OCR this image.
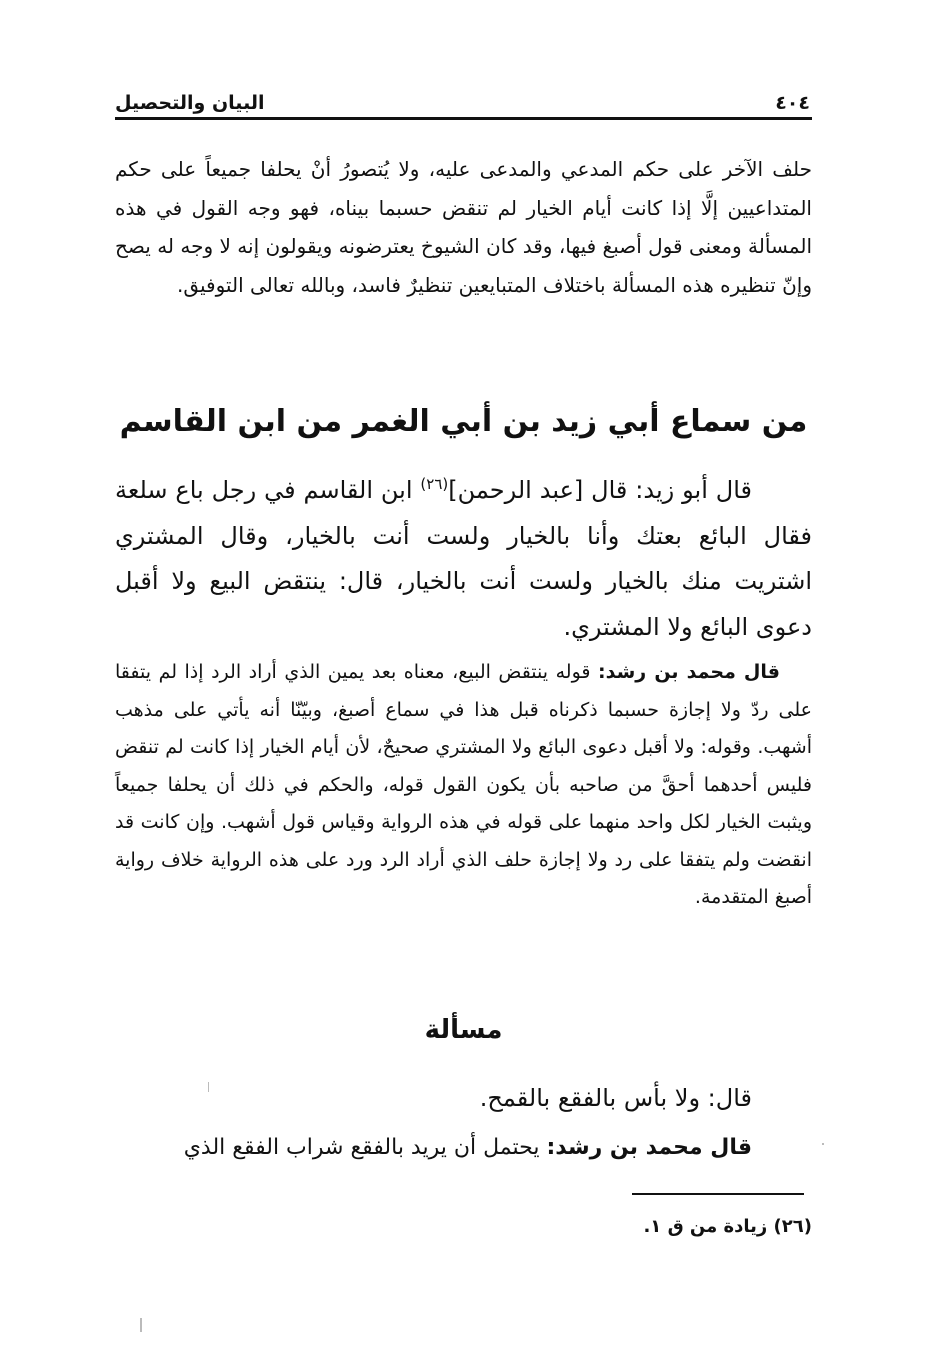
٤٠٤
البيان والتحصيل

حلف الآخر على حكم المدعي والمدعى عليه، ولا يُتصورُ أنْ يحلفا جميعاً على حكم المتداعيين إلَّا إذا كانت أيام الخيار لم تنقض حسبما بيناه، فهو وجه القول في هذه المسألة ومعنى قول أصبغ فيها، وقد كان الشيوخ يعترضونه ويقولون إنه لا وجه له يصح وإنّ تنظيره هذه المسألة باختلاف المتبايعين تنظيرٌ فاسد، وبالله تعالى التوفيق.

من سماع أبي زيد بن أبي الغمر من ابن القاسم

قال أبو زيد: قال [عبد الرحمن]$^{(٢٦)}$ ابن القاسم في رجل باع سلعة فقال البائع بعتك وأنا بالخيار ولست أنت بالخيار، وقال المشتري اشتريت منك بالخيار ولست أنت بالخيار، قال: ينتقض البيع ولا أقبل دعوى البائع ولا المشتري.

قال محمد بن رشد: قوله ينتقض البيع، معناه بعد يمين الذي أراد الرد إذا لم يتفقا على ردّ ولا إجازة حسبما ذكرناه قبل هذا في سماع أصبغ، وبيّنّا أنه يأتي على مذهب أشهب. وقوله: ولا أقبل دعوى البائع ولا المشتري صحيحٌ، لأن أيام الخيار إذا كانت لم تنقض فليس أحدهما أحقَّ من صاحبه بأن يكون القول قوله، والحكم في ذلك أن يحلفا جميعاً ويثبت الخيار لكل واحد منهما على قوله في هذه الرواية وقياس قول أشهب. وإن كانت قد انقضت ولم يتفقا على رد ولا إجازة حلف الذي أراد الرد ورد على هذه الرواية خلاف رواية أصبغ المتقدمة.

مسألة

قال: ولا بأس بالفقع بالقمح.

قال محمد بن رشد: يحتمل أن يريد بالفقع شراب الفقع الذي

(٢٦) زيادة من ق ١.
